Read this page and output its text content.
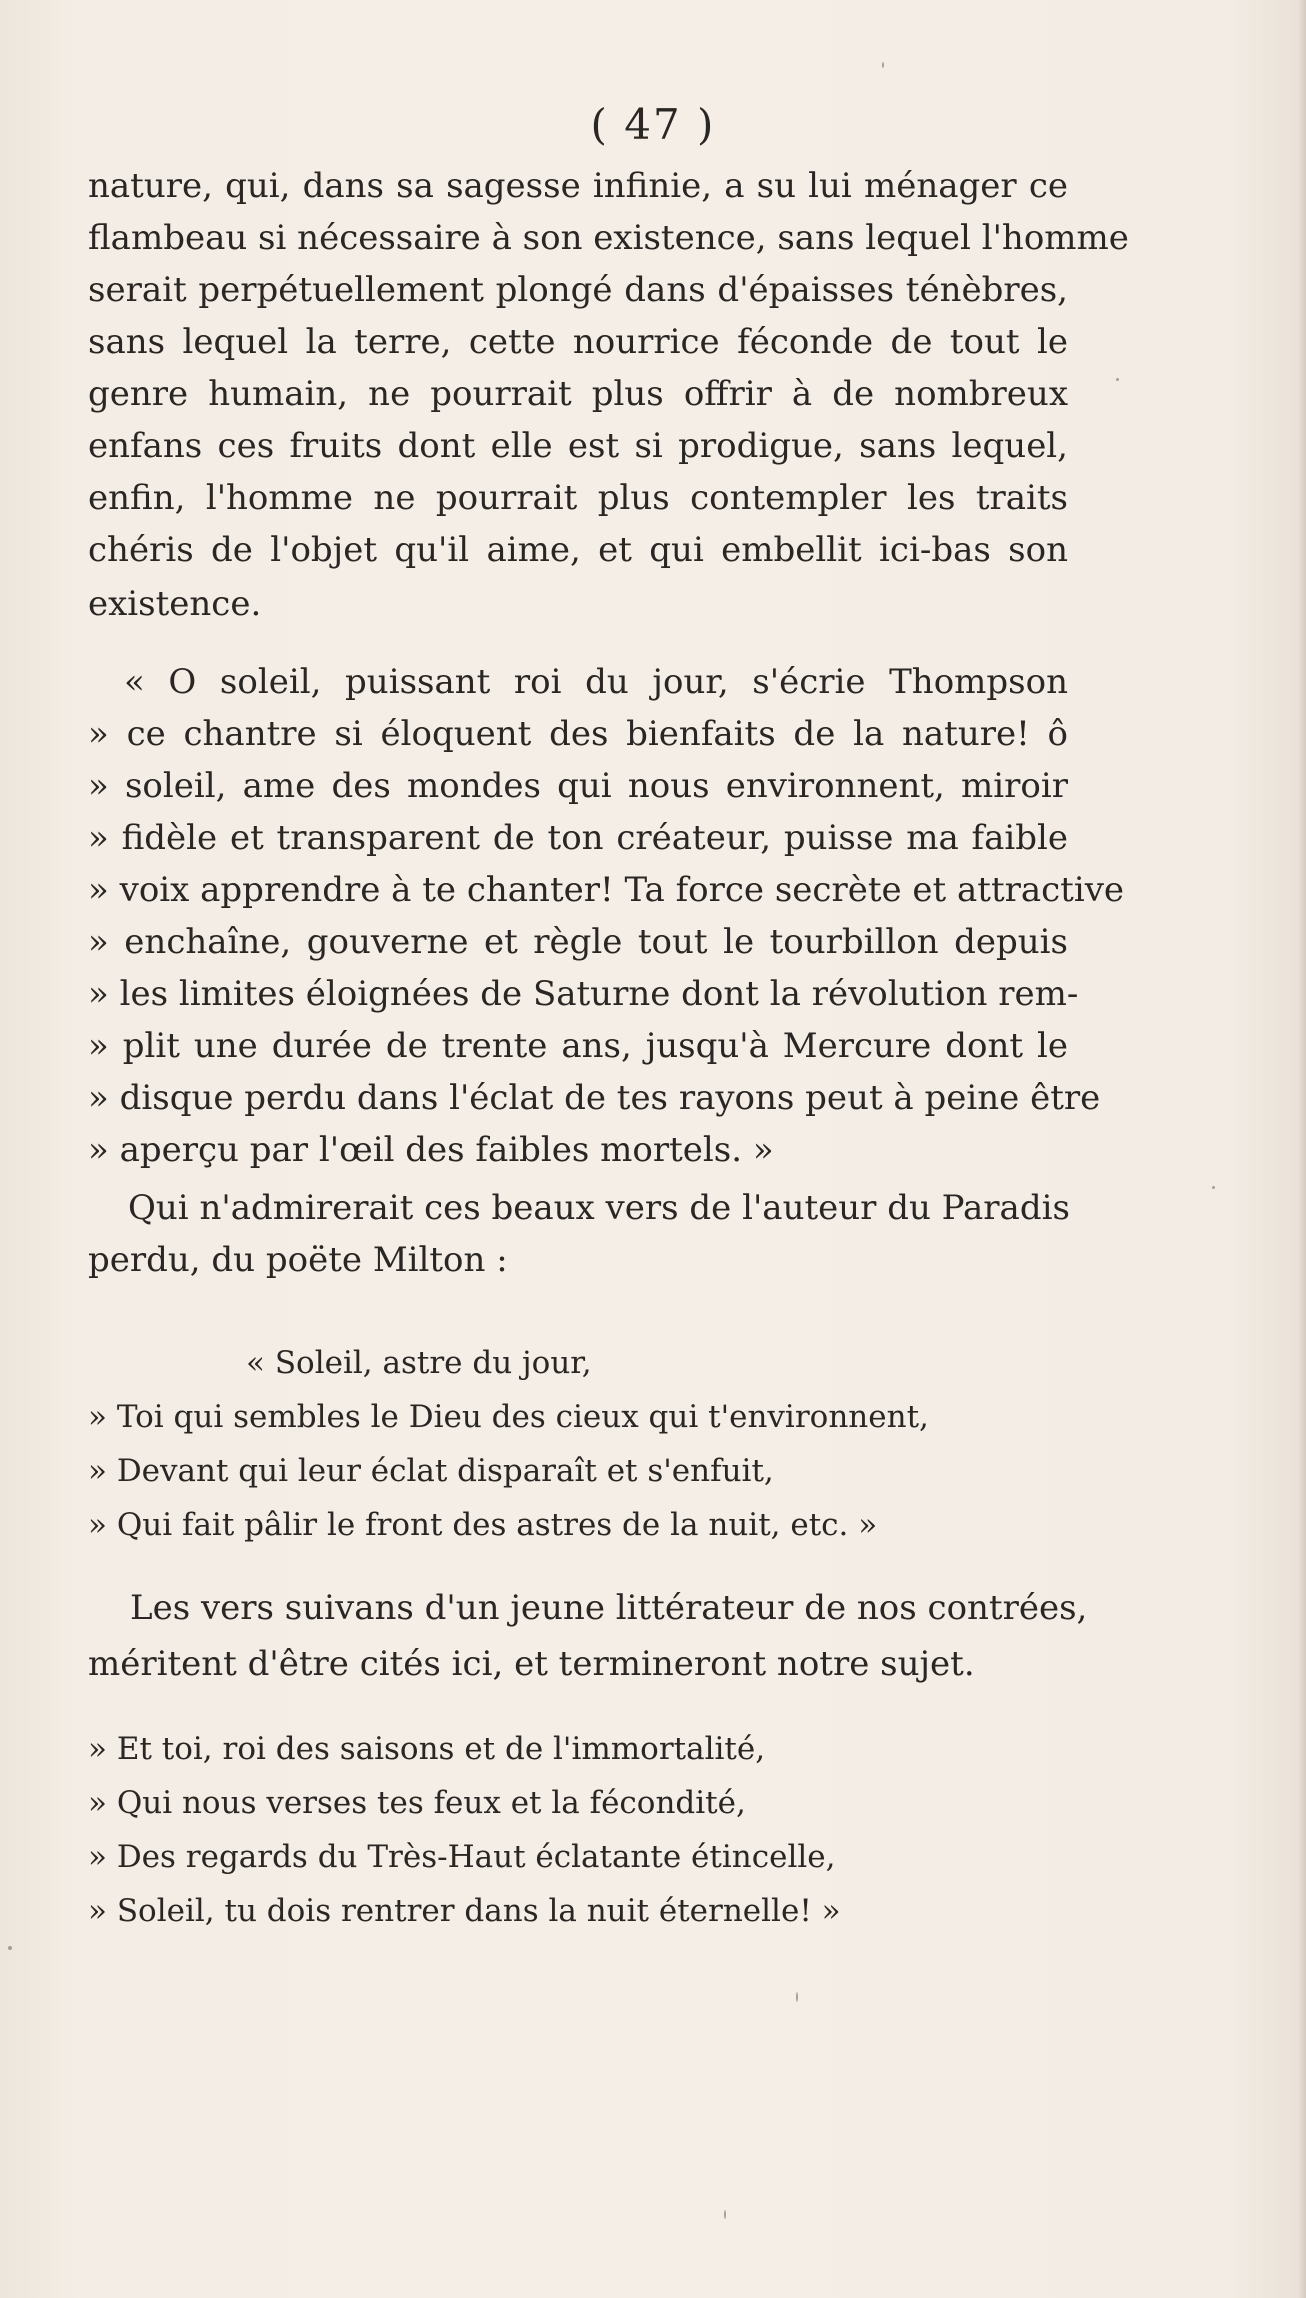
( 47 )
nature, qui, dans sa sagesse infinie, a su lui ménager ce
flambeau si nécessaire à son existence, sans lequel l'homme
serait perpétuellement plongé dans d'épaisses ténèbres,
sans lequel la terre, cette nourrice féconde de tout le
genre humain, ne pourrait plus offrir à de nombreux
enfans ces fruits dont elle est si prodigue, sans lequel,
enfin, l'homme ne pourrait plus contempler les traits
chéris de l'objet qu'il aime, et qui embellit ici-bas son
existence.
« O soleil, puissant roi du jour, s'écrie Thompson
» ce chantre si éloquent des bienfaits de la nature! ô
» soleil, ame des mondes qui nous environnent, miroir
» fidèle et transparent de ton créateur, puisse ma faible
» voix apprendre à te chanter! Ta force secrète et attractive
» enchaîne, gouverne et règle tout le tourbillon depuis
» les limites éloignées de Saturne dont la révolution rem-
» plit une durée de trente ans, jusqu'à Mercure dont le
» disque perdu dans l'éclat de tes rayons peut à peine être
» aperçu par l'œil des faibles mortels. »
Qui n'admirerait ces beaux vers de l'auteur du Paradis
perdu, du poëte Milton :
« Soleil, astre du jour,
» Toi qui sembles le Dieu des cieux qui t'environnent,
» Devant qui leur éclat disparaît et s'enfuit,
» Qui fait pâlir le front des astres de la nuit, etc. »
Les vers suivans d'un jeune littérateur de nos contrées,
méritent d'être cités ici, et termineront notre sujet.
» Et toi, roi des saisons et de l'immortalité,
» Qui nous verses tes feux et la fécondité,
» Des regards du Très-Haut éclatante étincelle,
» Soleil, tu dois rentrer dans la nuit éternelle! »
